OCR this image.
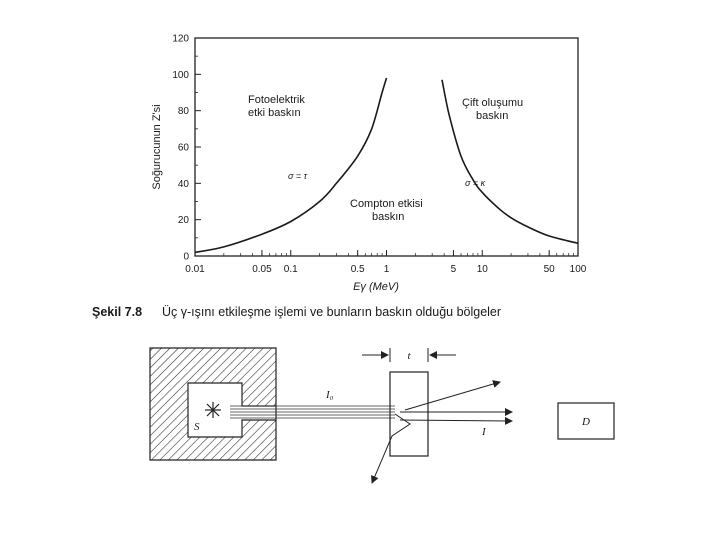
0
20
40
60
80
100
120
0.01	0.05 0.1	0.5 1	5 10	50 100
Soğurucunun Z'si
Eγ (MeV)
Fotoelektrik
etki baskın
Çift oluşumu
baskın
Compton etkisi
baskın
σ = τ
σ = κ
Şekil 7.8 Üç γ-ışını etkileşme işlemi ve bunların baskın olduğu bölgeler
S
I₀
t
I
D
